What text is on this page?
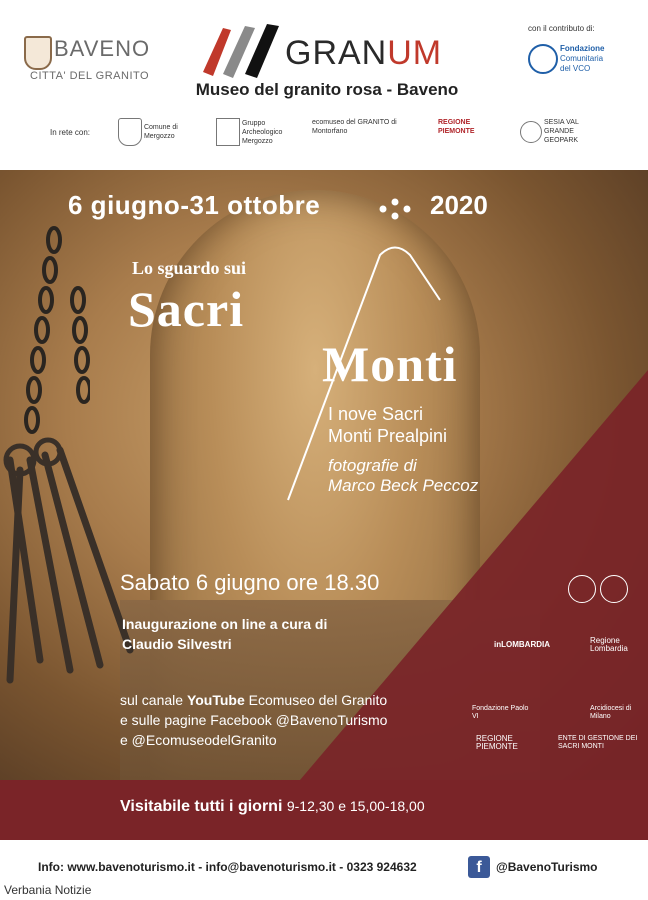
BAVENO
CITTA' DEL GRANITO
GRANUM
Museo del granito rosa - Baveno
con il contributo di:
Fondazione
Comunitaria
del VCO
In rete con:
Comune di Mergozzo
Gruppo Archeologico Mergozzo
ecomuseo del GRANITO di Montorfano
REGIONE PIEMONTE
SESIA VAL GRANDE GEOPARK
6 giugno-31 ottobre	2020
Lo sguardo sui
Sacri
Monti
I nove Sacri
Monti Prealpini
fotografie di
Marco Beck Peccoz
Sabato 6 giugno ore 18.30
Inaugurazione on line a cura di
Claudio Silvestri
sul canale YouTube Ecomuseo del Granito
e sulle pagine Facebook @BavenoTurismo
e @EcomuseodelGranito
inLOMBARDIA	Regione Lombardia
Fondazione Paolo VI
Arcidiocesi di Milano
REGIONE PIEMONTE
ENTE DI GESTIONE DEI SACRI MONTI
Visitabile tutti i giorni 9-12,30 e 15,00-18,00
Info: www.bavenoturismo.it - info@bavenoturismo.it - 0323 924632	f	@BavenoTurismo
Verbania Notizie
